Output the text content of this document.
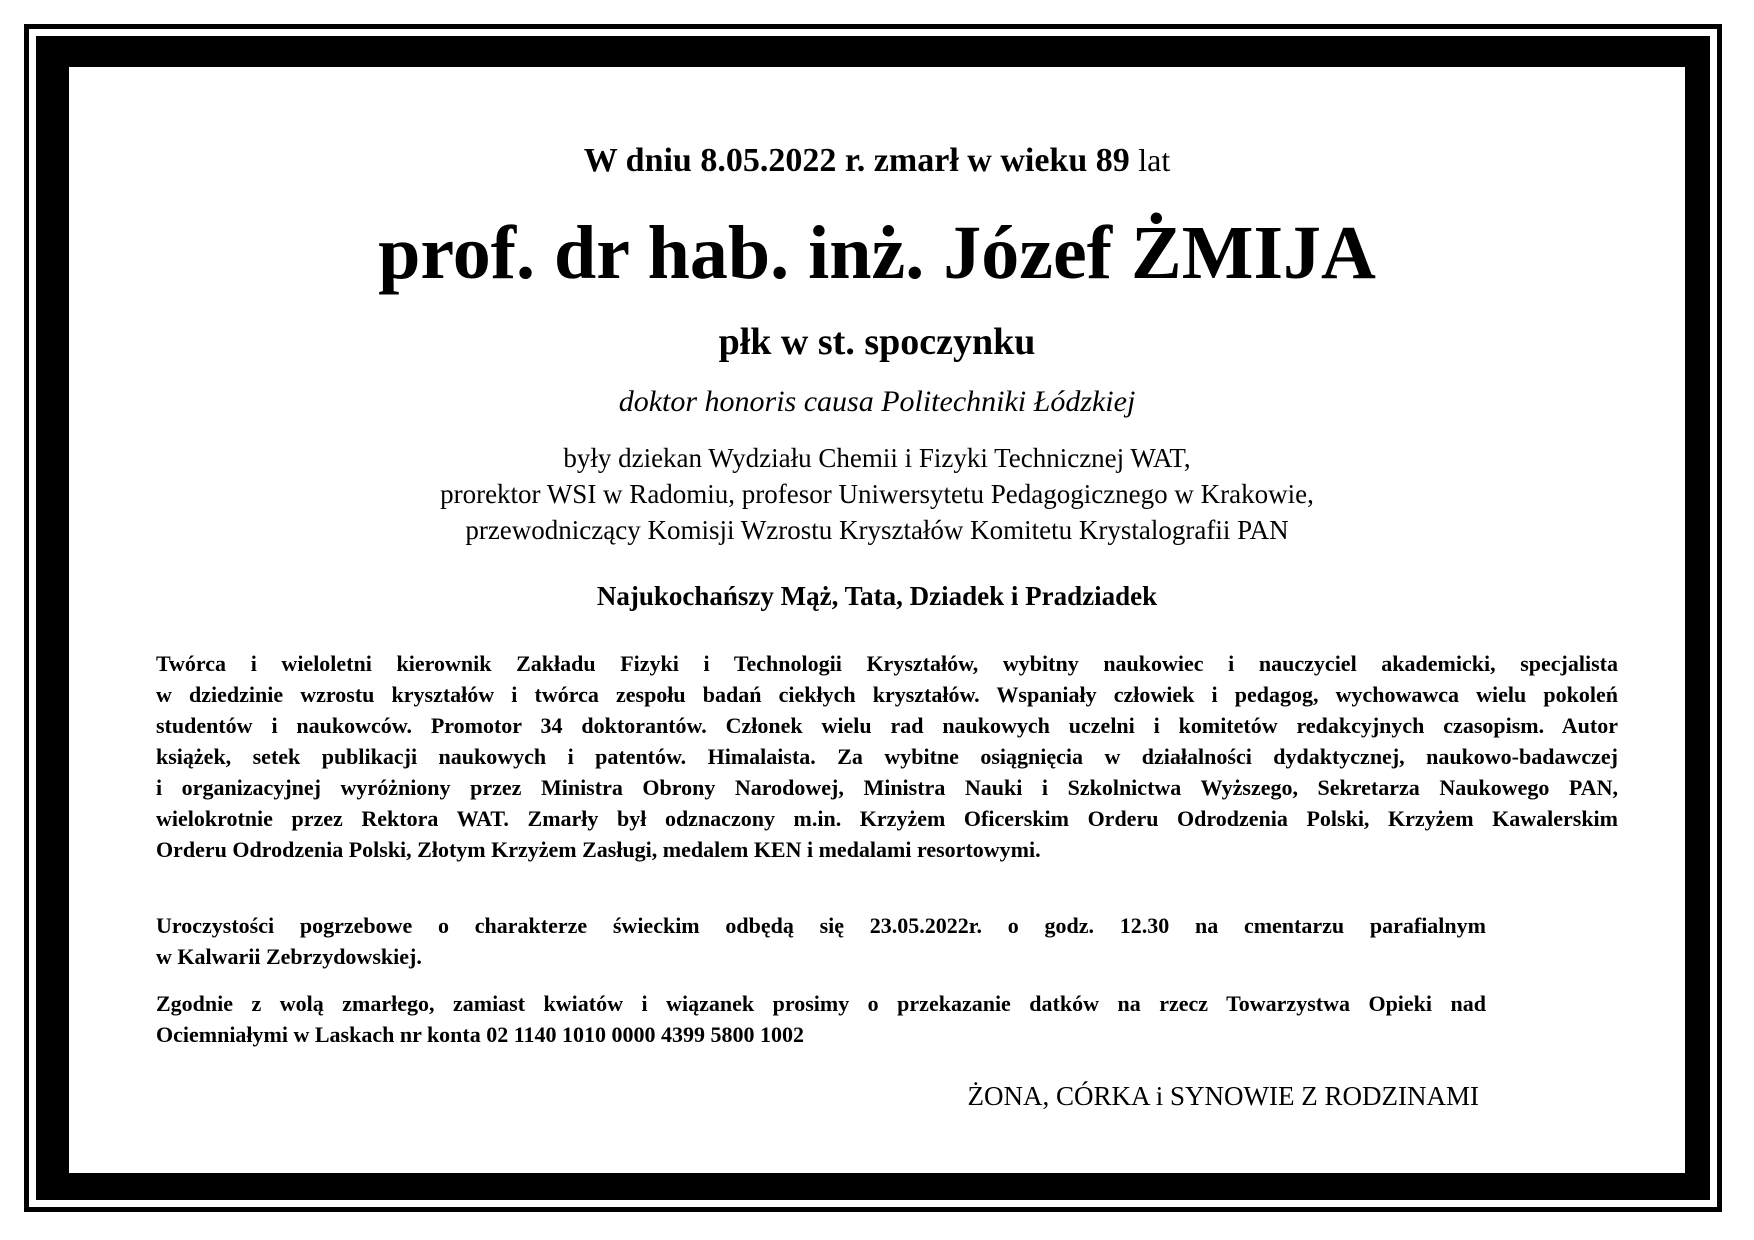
W dniu 8.05.2022 r. zmarł w wieku 89 lat
prof. dr hab. inż. Józef ŻMIJA
płk w st. spoczynku
doktor honoris causa Politechniki Łódzkiej
były dziekan Wydziału Chemii i Fizyki Technicznej WAT,
prorektor WSI w Radomiu, profesor Uniwersytetu Pedagogicznego w Krakowie,
przewodniczący Komisji Wzrostu Kryształów Komitetu Krystalografii PAN
Najukochańszy Mąż, Tata, Dziadek i Pradziadek
Twórca i wieloletni kierownik Zakładu Fizyki i Technologii Kryształów, wybitny naukowiec i nauczyciel akademicki, specjalista
w dziedzinie wzrostu kryształów i twórca zespołu badań ciekłych kryształów. Wspaniały człowiek i pedagog, wychowawca wielu pokoleń
studentów i naukowców. Promotor 34 doktorantów. Członek wielu rad naukowych uczelni i komitetów redakcyjnych czasopism. Autor
książek, setek publikacji naukowych i patentów. Himalaista. Za wybitne osiągnięcia w działalności dydaktycznej, naukowo-badawczej
i organizacyjnej wyróżniony przez Ministra Obrony Narodowej, Ministra Nauki i Szkolnictwa Wyższego, Sekretarza Naukowego PAN,
wielokrotnie przez Rektora WAT. Zmarły był odznaczony m.in. Krzyżem Oficerskim Orderu Odrodzenia Polski, Krzyżem Kawalerskim
Orderu Odrodzenia Polski, Złotym Krzyżem Zasługi, medalem KEN i medalami resortowymi.
Uroczystości pogrzebowe o charakterze świeckim odbędą się 23.05.2022r. o godz. 12.30 na cmentarzu parafialnym
w Kalwarii Zebrzydowskiej.
Zgodnie z wolą zmarłego, zamiast kwiatów i wiązanek prosimy o przekazanie datków na rzecz Towarzystwa Opieki nad
Ociemniałymi w Laskach nr konta 02 1140 1010 0000 4399 5800 1002
ŻONA, CÓRKA i SYNOWIE Z RODZINAMI
